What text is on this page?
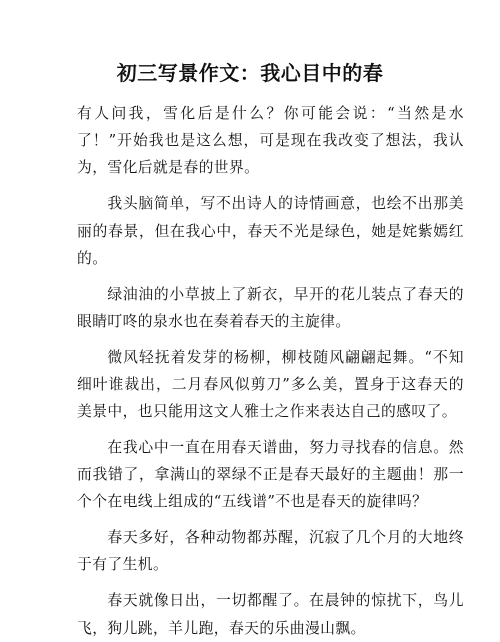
初三写景作文：我心目中的春

有人问我，雪化后是什么？你可能会说：“当然是水了！”开始我也是这么想，可是现在我改变了想法，我认为，雪化后就是春的世界。

我头脑简单，写不出诗人的诗情画意，也绘不出那美丽的春景，但在我心中，春天不光是绿色，她是姹紫嫣红的。

绿油油的小草披上了新衣，早开的花儿装点了春天的眼睛叮咚的泉水也在奏着春天的主旋律。

微风轻抚着发芽的杨柳，柳枝随风翩翩起舞。“不知细叶谁裁出，二月春风似剪刀”多么美，置身于这春天的美景中，也只能用这文人雅士之作来表达自己的感叹了。

在我心中一直在用春天谱曲，努力寻找春的信息。然而我错了，拿满山的翠绿不正是春天最好的主题曲！那一个个在电线上组成的“五线谱”不也是春天的旋律吗？

春天多好，各种动物都苏醒，沉寂了几个月的大地终于有了生机。

春天就像日出，一切都醒了。在晨钟的惊扰下，鸟儿飞，狗儿跳，羊儿跑，春天的乐曲漫山飘。
